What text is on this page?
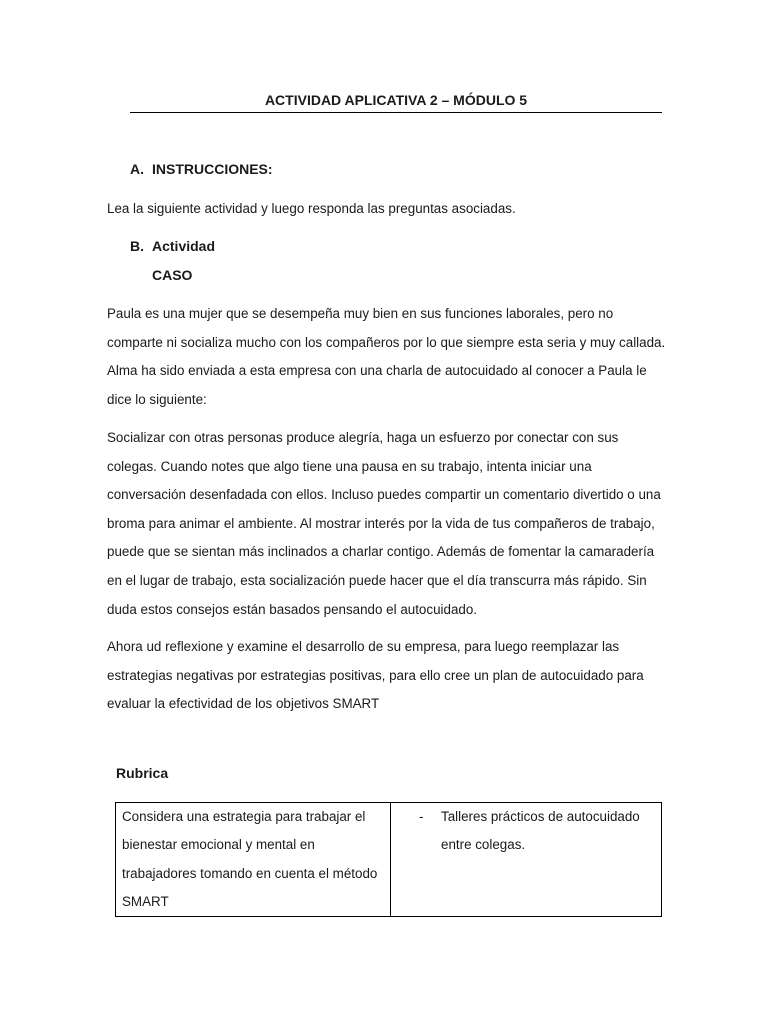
ACTIVIDAD APLICATIVA 2 – MÓDULO 5
A. INSTRUCCIONES:

Lea la siguiente actividad y luego responda las preguntas asociadas.

B. Actividad
CASO

Paula es una mujer que se desempeña muy bien en sus funciones laborales, pero no comparte ni socializa mucho con los compañeros por lo que siempre esta seria y muy callada. Alma ha sido enviada a esta empresa con una charla de autocuidado al conocer a Paula le dice lo siguiente:

Socializar con otras personas produce alegría, haga un esfuerzo por conectar con sus colegas. Cuando notes que algo tiene una pausa en su trabajo, intenta iniciar una conversación desenfadada con ellos. Incluso puedes compartir un comentario divertido o una broma para animar el ambiente. Al mostrar interés por la vida de tus compañeros de trabajo, puede que se sientan más inclinados a charlar contigo. Además de fomentar la camaradería en el lugar de trabajo, esta socialización puede hacer que el día transcurra más rápido. Sin duda estos consejos están basados pensando el autocuidado.

Ahora ud reflexione y examine el desarrollo de su empresa, para luego reemplazar las estrategias negativas por estrategias positivas, para ello cree un plan de autocuidado para evaluar la efectividad de los objetivos SMART

Rubrica
Considera una estrategia para trabajar el bienestar emocional y mental en trabajadores tomando en cuenta el método SMART
- Talleres prácticos de autocuidado entre colegas.
